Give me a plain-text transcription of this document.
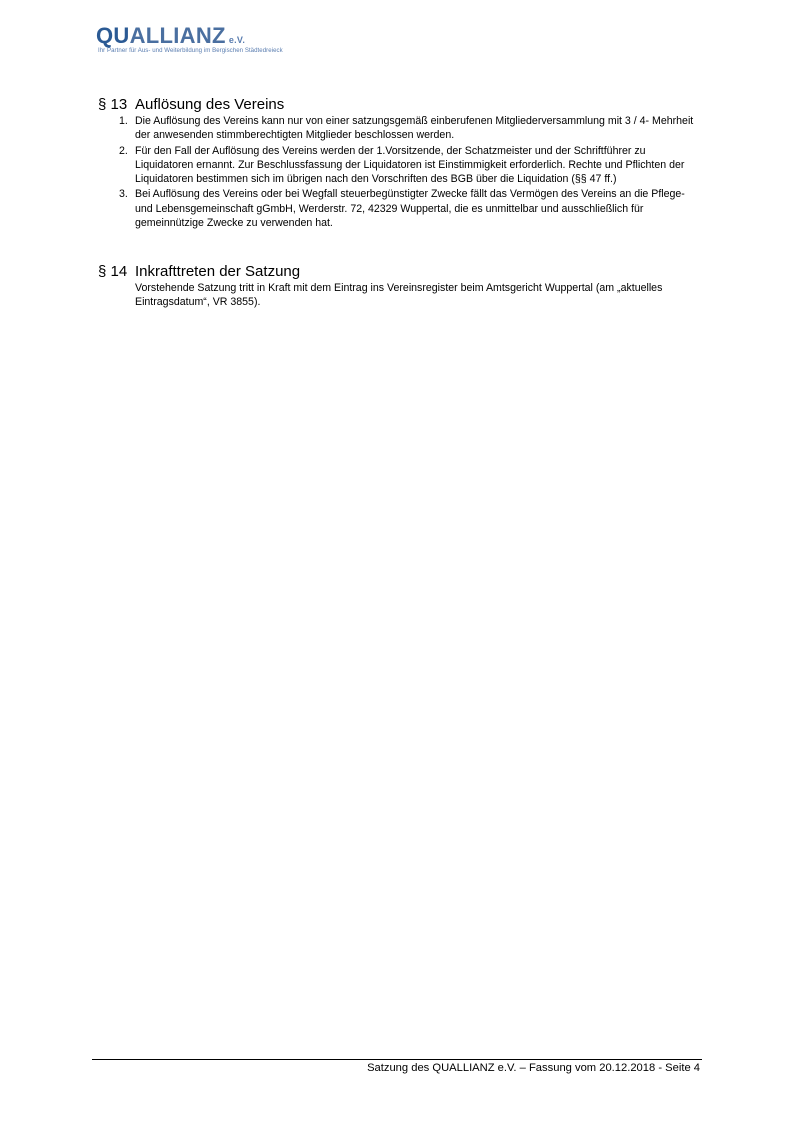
QUALLIANZ e.V.
Ihr Partner für Aus- und Weiterbildung im Bergischen Städtedreieck
§ 13 Auflösung des Vereins
1. Die Auflösung des Vereins kann nur von einer satzungsgemäß einberufenen Mitgliederversammlung mit 3 / 4- Mehrheit der anwesenden stimmberechtigten Mitglieder beschlossen werden.
2. Für den Fall der Auflösung des Vereins werden der 1.Vorsitzende, der Schatzmeister und der Schriftführer zu Liquidatoren ernannt. Zur Beschlussfassung der Liquidatoren ist Einstimmigkeit erforderlich. Rechte und Pflichten der Liquidatoren bestimmen sich im übrigen nach den Vorschriften des BGB über die Liquidation (§§ 47 ff.)
3. Bei Auflösung des Vereins oder bei Wegfall steuerbegünstigter Zwecke fällt das Vermögen des Vereins an die Pflege- und Lebensgemeinschaft gGmbH, Werderstr. 72, 42329 Wuppertal, die es unmittelbar und ausschließlich für gemeinnützige Zwecke zu verwenden hat.
§ 14 Inkrafttreten der Satzung
Vorstehende Satzung tritt in Kraft mit dem Eintrag ins Vereinsregister beim Amtsgericht Wuppertal (am „aktuelles Eintragsdatum“, VR 3855).
Satzung des QUALLIANZ e.V. – Fassung vom 20.12.2018 - Seite 4
